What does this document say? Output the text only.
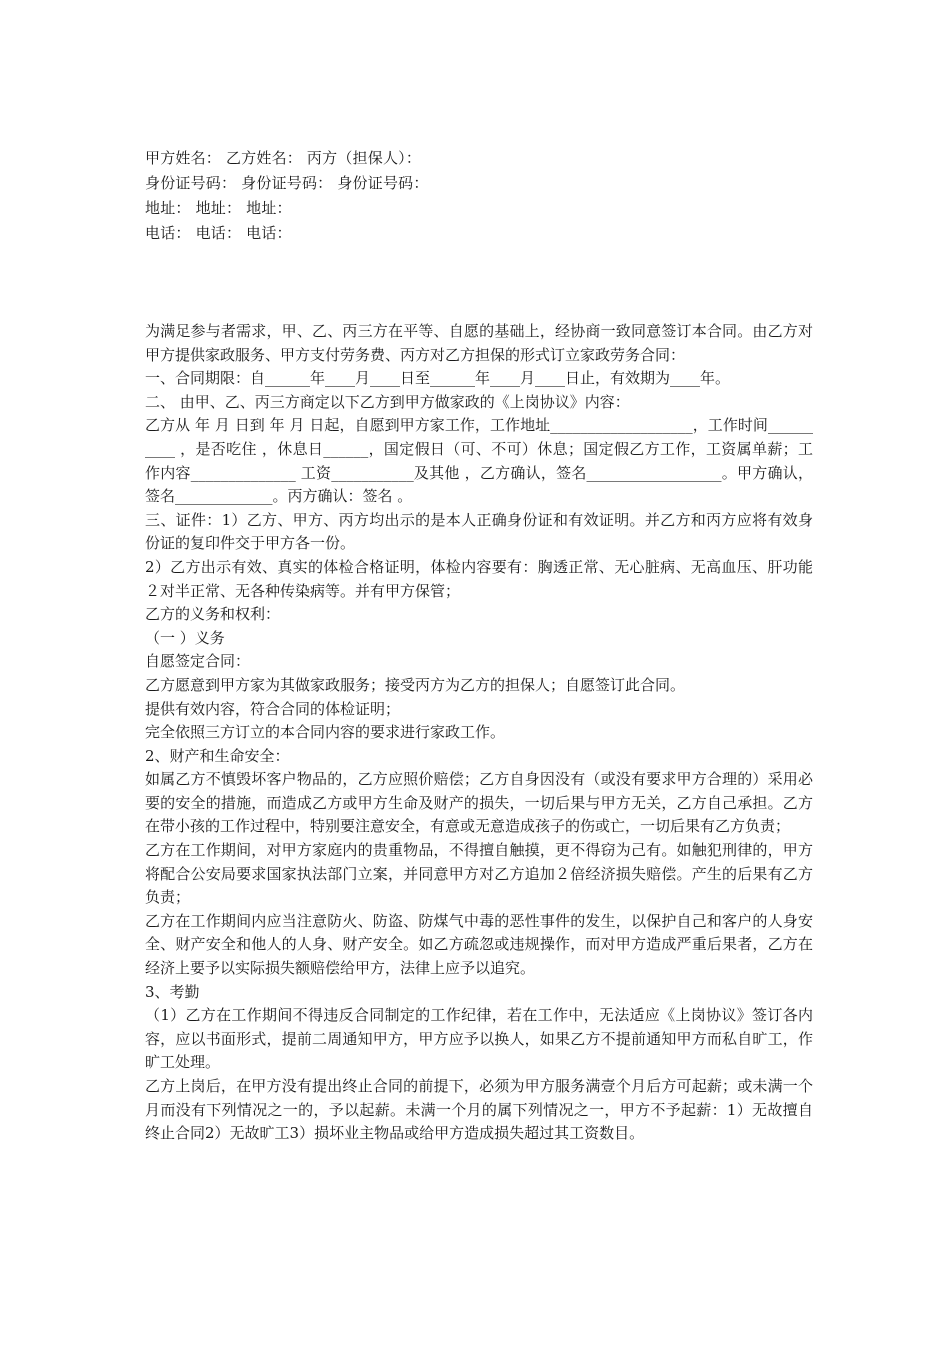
甲方姓名： 乙方姓名： 丙方（担保人）：
身份证号码： 身份证号码： 身份证号码：
地址： 地址： 地址：
电话： 电话： 电话：

为满足参与者需求，甲、乙、丙三方在平等、自愿的基础上，经协商一致同意签订本合同。由乙方对甲方提供家政服务、甲方支付劳务费、丙方对乙方担保的形式订立家政劳务合同：

一、合同期限：自______年____月____日至______年____月____日止，有效期为____年。

二、 由甲、乙、丙三方商定以下乙方到甲方做家政的《上岗协议》内容：

乙方从 年 月 日到 年 月 日起，自愿到甲方家工作，工作地址___________________，工作时间__________ ，是否吃住 ，休息日______，国定假日（可、不可）休息；国定假乙方工作，工资属单薪；工作内容______________ 工资___________及其他 ，乙方确认，签名__________________。甲方确认，签名_____________。丙方确认：签名 。

三、证件：1）乙方、甲方、丙方均出示的是本人正确身份证和有效证明。并乙方和丙方应将有效身份证的复印件交于甲方各一份。

2）乙方出示有效、真实的体检合格证明，体检内容要有：胸透正常、无心脏病、无高血压、肝功能２对半正常、无各种传染病等。并有甲方保管；

乙方的义务和权利：

（一 ）义务

自愿签定合同：

乙方愿意到甲方家为其做家政服务；接受丙方为乙方的担保人；自愿签订此合同。

提供有效内容，符合合同的体检证明；

完全依照三方订立的本合同内容的要求进行家政工作。

2、财产和生命安全：

如属乙方不慎毁坏客户物品的，乙方应照价赔偿；乙方自身因没有（或没有要求甲方合理的）采用必要的安全的措施，而造成乙方或甲方生命及财产的损失，一切后果与甲方无关，乙方自己承担。乙方在带小孩的工作过程中，特别要注意安全，有意或无意造成孩子的伤或亡，一切后果有乙方负责；

乙方在工作期间，对甲方家庭内的贵重物品，不得擅自触摸，更不得窃为己有。如触犯刑律的，甲方将配合公安局要求国家执法部门立案，并同意甲方对乙方追加２倍经济损失赔偿。产生的后果有乙方负责；

乙方在工作期间内应当注意防火、防盗、防煤气中毒的恶性事件的发生，以保护自己和客户的人身安全、财产安全和他人的人身、财产安全。如乙方疏忽或违规操作，而对甲方造成严重后果者，乙方在经济上要予以实际损失额赔偿给甲方，法律上应予以追究。

3、考勤

（1）乙方在工作期间不得违反合同制定的工作纪律，若在工作中，无法适应《上岗协议》签订各内容，应以书面形式，提前二周通知甲方，甲方应予以换人，如果乙方不提前通知甲方而私自旷工，作旷工处理。

乙方上岗后，在甲方没有提出终止合同的前提下，必须为甲方服务满壹个月后方可起薪；或未满一个月而没有下列情况之一的，予以起薪。未满一个月的属下列情况之一，甲方不予起薪：1）无故擅自终止合同2）无故旷工3）损坏业主物品或给甲方造成损失超过其工资数目。
